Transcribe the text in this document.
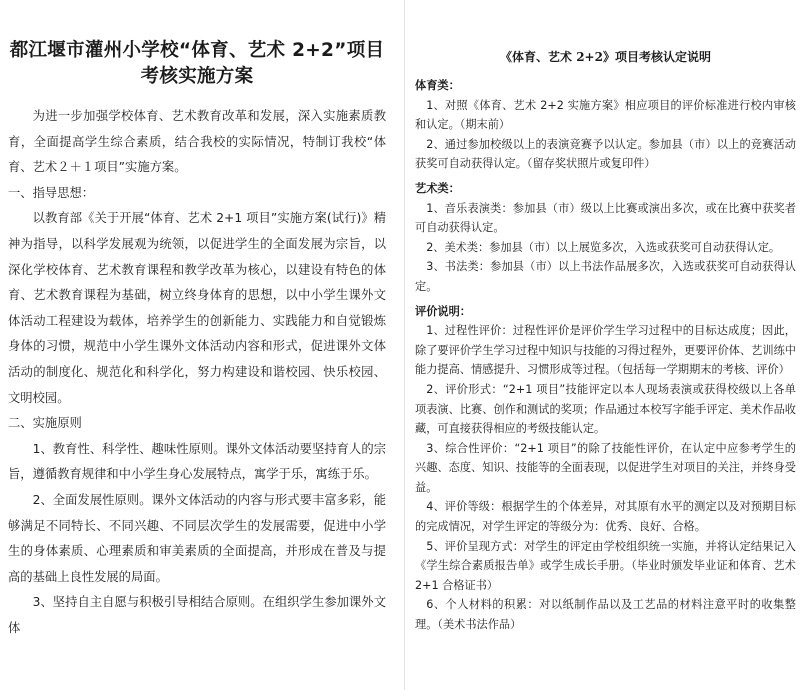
都江堰市灌州小学校“体育、艺术 2+2”项目
考核实施方案

为进一步加强学校体育、艺术教育改革和发展，深入实施素质教育，全面提高学生综合素质，结合我校的实际情况，特制订我校“体育、艺术２＋１项目”实施方案。

一、指导思想：

以教育部《关于开展“体育、艺术 2+1 项目”实施方案(试行)》精神为指导，以科学发展观为统领，以促进学生的全面发展为宗旨，以深化学校体育、艺术教育课程和教学改革为核心，以建设有特色的体育、艺术教育课程为基础，树立终身体育的思想，以中小学生课外文体活动工程建设为载体，培养学生的创新能力、实践能力和自觉锻炼身体的习惯，规范中小学生课外文体活动内容和形式，促进课外文体活动的制度化、规范化和科学化，努力构建设和谐校园、快乐校园、文明校园。

二、实施原则

1、教育性、科学性、趣味性原则。课外文体活动要坚持育人的宗旨，遵循教育规律和中小学生身心发展特点，寓学于乐，寓练于乐。

2、全面发展性原则。课外文体活动的内容与形式要丰富多彩，能够满足不同特长、不同兴趣、不同层次学生的发展需要，促进中小学生的身体素质、心理素质和审美素质的全面提高，并形成在普及与提高的基础上良性发展的局面。

3、坚持自主自愿与积极引导相结合原则。在组织学生参加课外文体

《体育、艺术 2+2》项目考核认定说明

体育类：

1、对照《体育、艺术 2+2 实施方案》相应项目的评价标准进行校内审核和认定。（期末前）

2、通过参加校级以上的表演竞赛予以认定。参加县（市）以上的竞赛活动获奖可自动获得认定。（留存奖状照片或复印件）

艺术类：

1、音乐表演类：参加县（市）级以上比赛或演出多次，或在比赛中获奖者可自动获得认定。

2、美术类：参加县（市）以上展览多次，入选或获奖可自动获得认定。

3、书法类：参加县（市）以上书法作品展多次，入选或获奖可自动获得认定。

评价说明：

1、过程性评价：过程性评价是评价学生学习过程中的目标达成度；因此，除了要评价学生学习过程中知识与技能的习得过程外，更要评价体、艺训练中能力提高、情感提升、习惯形成等过程。（包括每一学期期末的考核、评价）

2、评价形式：“2+1 项目”技能评定以本人现场表演或获得校级以上各单项表演、比赛、创作和测试的奖项；作品通过本校写字能手评定、美术作品收藏，可直接获得相应的考级技能认定。

3、综合性评价：“2+1 项目”的除了技能性评价，在认定中应参考学生的兴趣、态度、知识、技能等的全面表现，以促进学生对项目的关注，并终身受益。

4、评价等级：根据学生的个体差异，对其原有水平的测定以及对预期目标的完成情况，对学生评定的等级分为：优秀、良好、合格。

5、评价呈现方式：对学生的评定由学校组织统一实施，并将认定结果记入《学生综合素质报告单》或学生成长手册。（毕业时颁发毕业证和体育、艺术 2+1 合格证书）

6、个人材料的积累：对以纸制作品以及工艺品的材料注意平时的收集整理。（美术书法作品）
